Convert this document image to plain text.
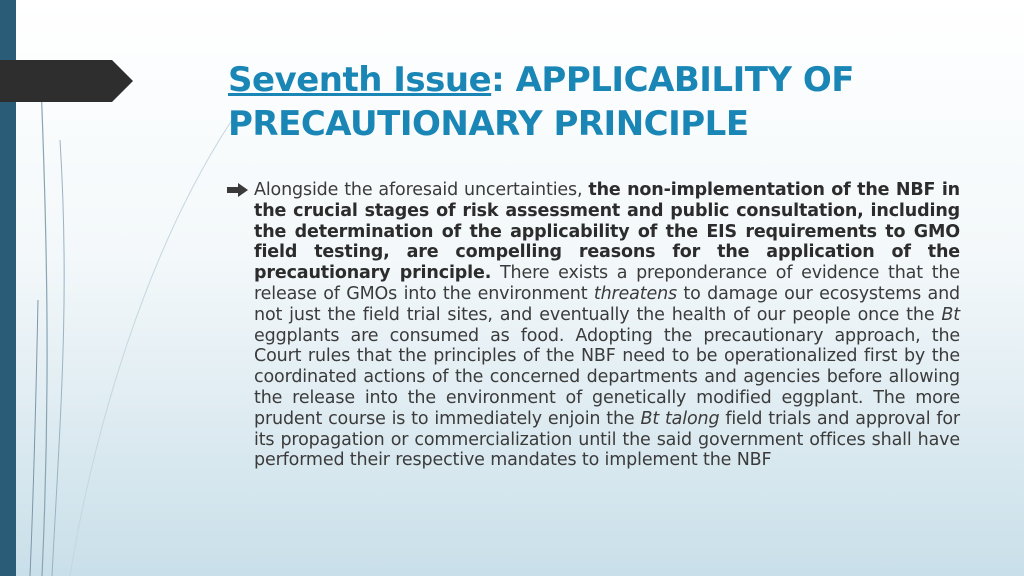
Seventh Issue: APPLICABILITY OF PRECAUTIONARY PRINCIPLE
Alongside the aforesaid uncertainties, the non-implementation of the NBF in the crucial stages of risk assessment and public consultation, including the determination of the applicability of the EIS requirements to GMO field testing, are compelling reasons for the application of the precautionary principle. There exists a preponderance of evidence that the release of GMOs into the environment threatens to damage our ecosystems and not just the field trial sites, and eventually the health of our people once the Bt eggplants are consumed as food. Adopting the precautionary approach, the Court rules that the principles of the NBF need to be operationalized first by the coordinated actions of the concerned departments and agencies before allowing the release into the environment of genetically modified eggplant. The more prudent course is to immediately enjoin the Bt talong field trials and approval for its propagation or commercialization until the said government offices shall have performed their respective mandates to implement the NBF
